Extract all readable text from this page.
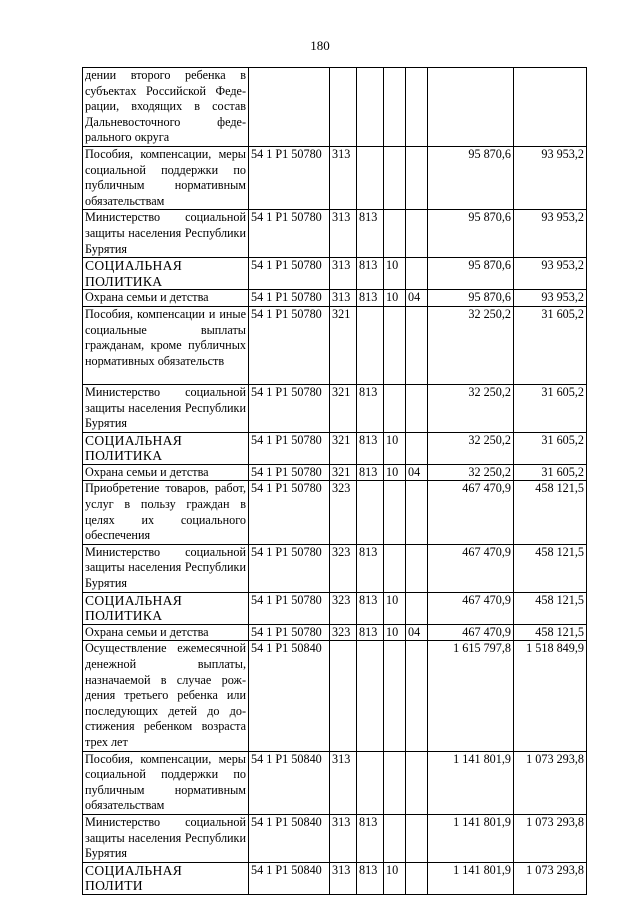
180
дении второго ребенка в субъектах Российской Федерации, входящих в состав Дальневосточного федерального округа							

Пособия, компенсации, меры социальной поддержки по публичным нормативным обязательствам	54 1 P1 50780	313				95 870,6	93 953,2

Министерство социальной защиты населения Республики Бурятия	54 1 P1 50780	313	813			95 870,6	93 953,2

СОЦИАЛЬНАЯ ПОЛИТИКА	54 1 P1 50780	313	813	10		95 870,6	93 953,2

Охрана семьи и детства	54 1 P1 50780	313	813	10	04	95 870,6	93 953,2

Пособия, компенсации и иные социальные выплаты гражданам, кроме публичных нормативных обязательств	54 1 P1 50780	321				32 250,2	31 605,2

Министерство социальной защиты населения Республики Бурятия	54 1 P1 50780	321	813			32 250,2	31 605,2

СОЦИАЛЬНАЯ ПОЛИТИКА	54 1 P1 50780	321	813	10		32 250,2	31 605,2

Охрана семьи и детства	54 1 P1 50780	321	813	10	04	32 250,2	31 605,2

Приобретение товаров, работ, услуг в пользу граждан в целях их социального обеспечения	54 1 P1 50780	323				467 470,9	458 121,5

Министерство социальной защиты населения Республики Бурятия	54 1 P1 50780	323	813			467 470,9	458 121,5

СОЦИАЛЬНАЯ ПОЛИТИКА	54 1 P1 50780	323	813	10		467 470,9	458 121,5

Охрана семьи и детства	54 1 P1 50780	323	813	10	04	467 470,9	458 121,5

Осуществление ежемесячной денежной выплаты, назначаемой в случае рождения третьего ребенка или последующих детей до достижения ребенком возраста трех лет	54 1 P1 50840					1 615 797,8	1 518 849,9

Пособия, компенсации, меры социальной поддержки по публичным нормативным обязательствам	54 1 P1 50840	313				1 141 801,9	1 073 293,8

Министерство социальной защиты населения Республики Бурятия	54 1 P1 50840	313	813			1 141 801,9	1 073 293,8

СОЦИАЛЬНАЯ ПОЛИТИ	54 1 P1 50840	313	813	10		1 141 801,9	1 073 293,8
